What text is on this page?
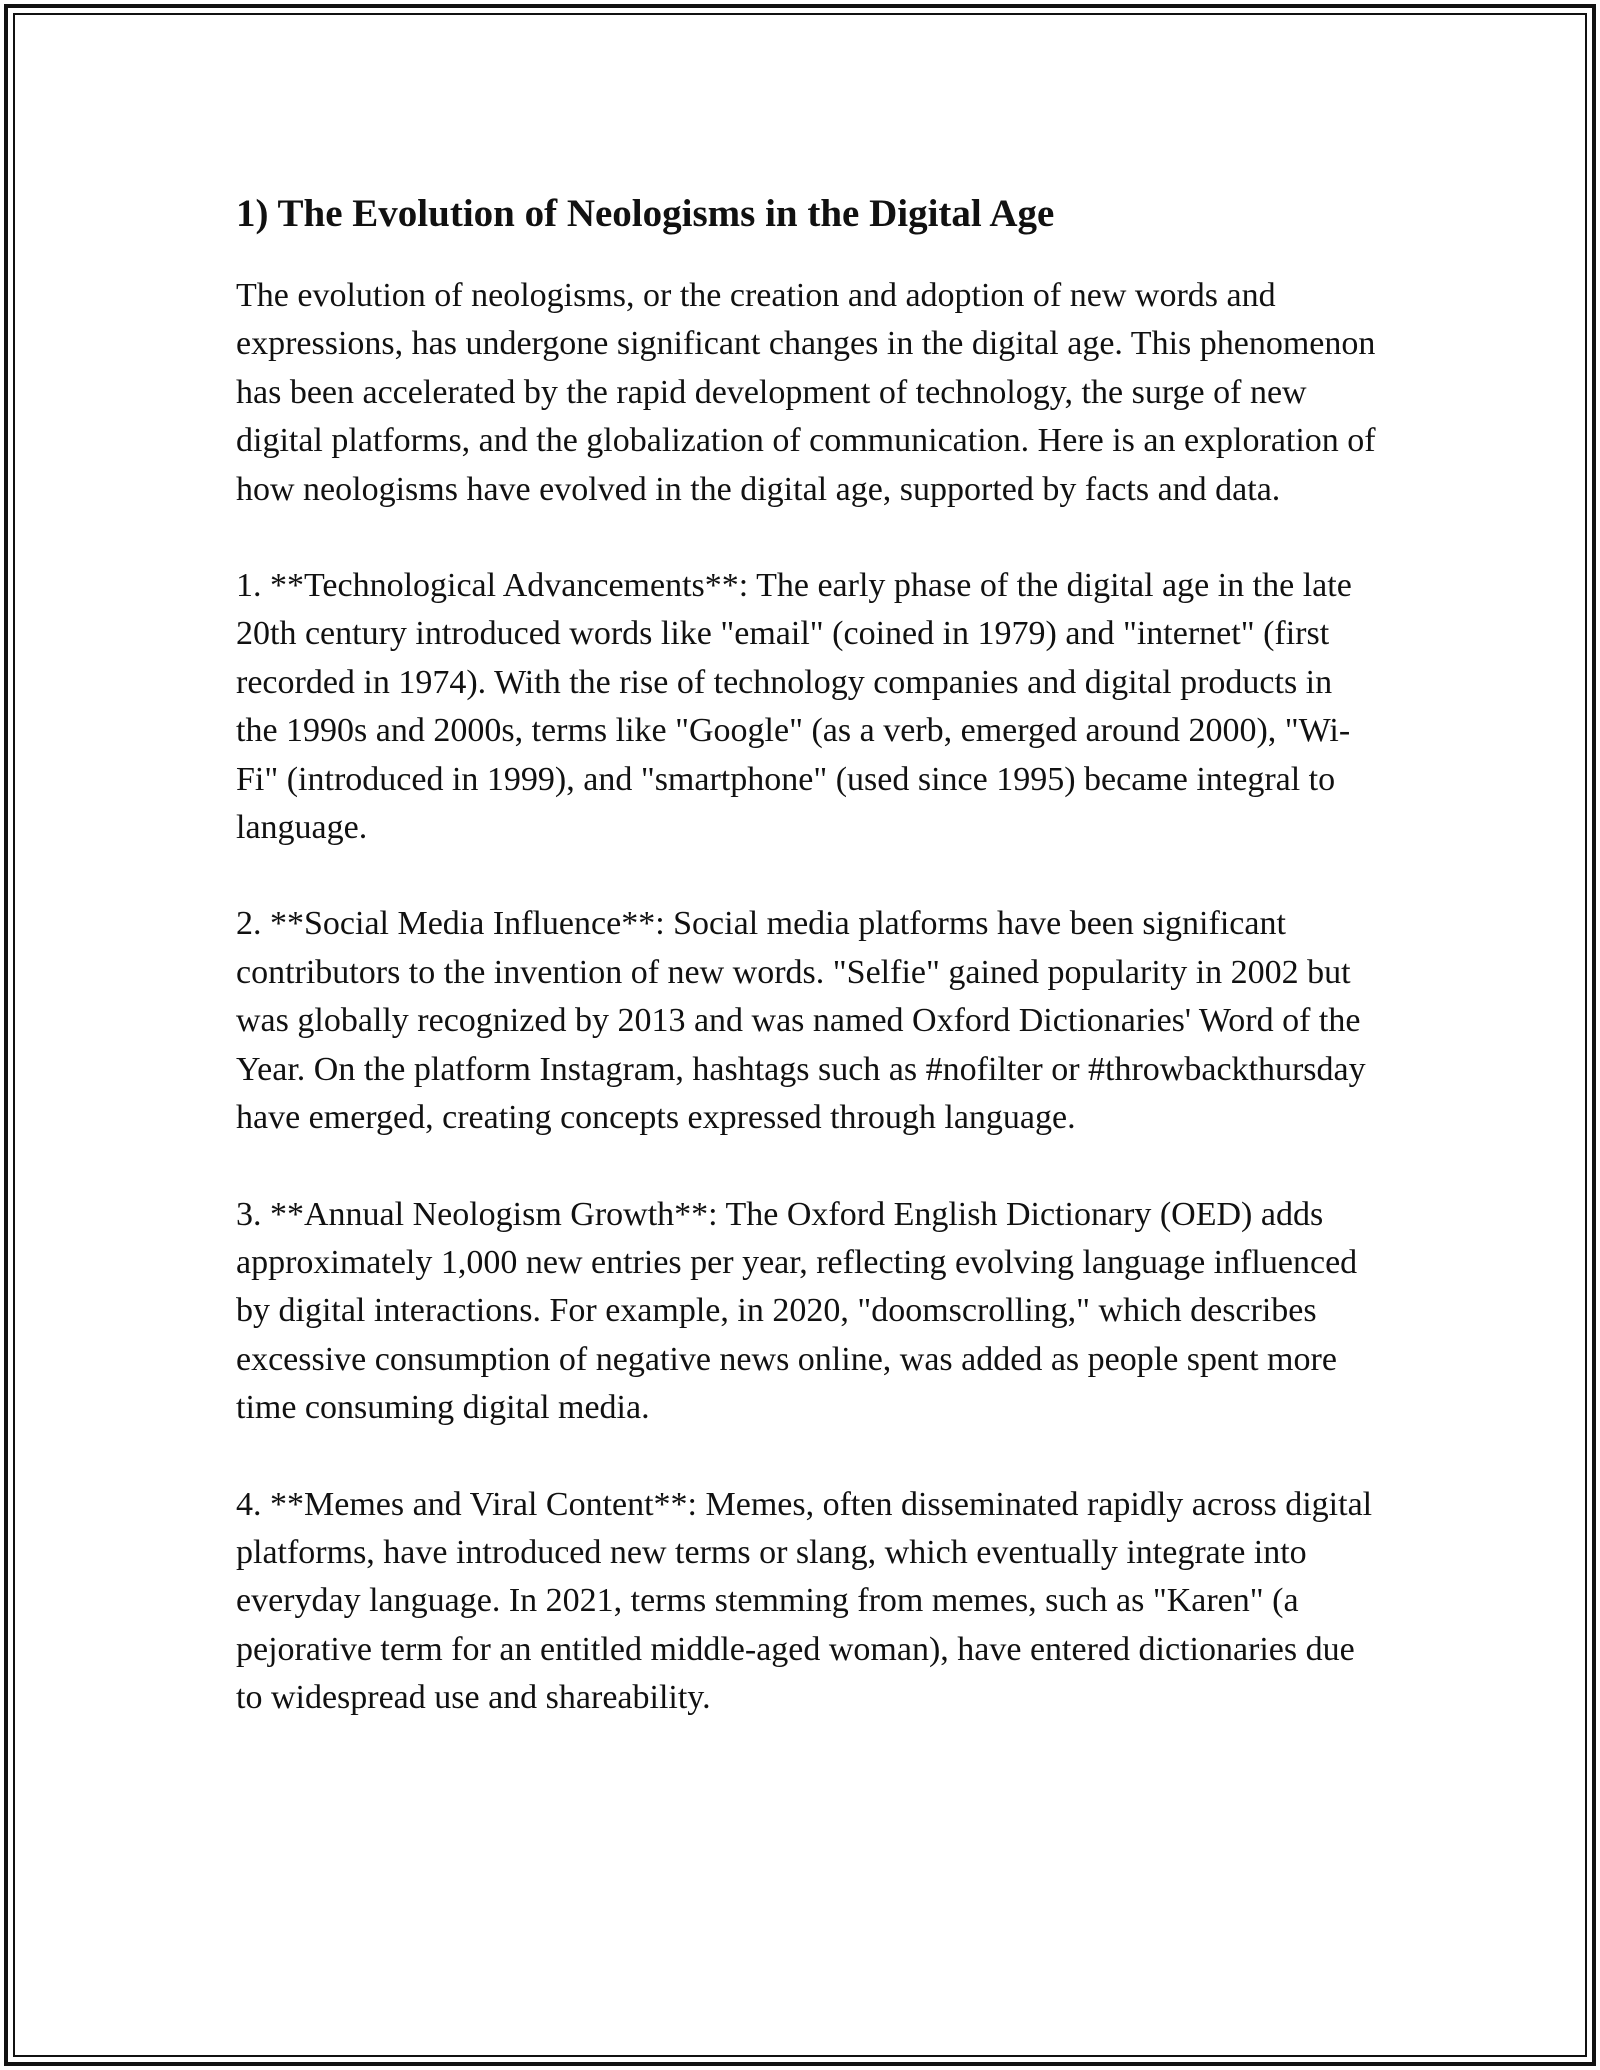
1) The Evolution of Neologisms in the Digital Age

The evolution of neologisms, or the creation and adoption of new words and expressions, has undergone significant changes in the digital age. This phenomenon has been accelerated by the rapid development of technology, the surge of new digital platforms, and the globalization of communication. Here is an exploration of how neologisms have evolved in the digital age, supported by facts and data.

1. **Technological Advancements**: The early phase of the digital age in the late 20th century introduced words like "email" (coined in 1979) and "internet" (first recorded in 1974). With the rise of technology companies and digital products in the 1990s and 2000s, terms like "Google" (as a verb, emerged around 2000), "Wi-Fi" (introduced in 1999), and "smartphone" (used since 1995) became integral to language.

2. **Social Media Influence**: Social media platforms have been significant contributors to the invention of new words. "Selfie" gained popularity in 2002 but was globally recognized by 2013 and was named Oxford Dictionaries' Word of the Year. On the platform Instagram, hashtags such as #nofilter or #throwbackthursday have emerged, creating concepts expressed through language.

3. **Annual Neologism Growth**: The Oxford English Dictionary (OED) adds approximately 1,000 new entries per year, reflecting evolving language influenced by digital interactions. For example, in 2020, "doomscrolling," which describes excessive consumption of negative news online, was added as people spent more time consuming digital media.

4. **Memes and Viral Content**: Memes, often disseminated rapidly across digital platforms, have introduced new terms or slang, which eventually integrate into everyday language. In 2021, terms stemming from memes, such as "Karen" (a pejorative term for an entitled middle-aged woman), have entered dictionaries due to widespread use and shareability.
